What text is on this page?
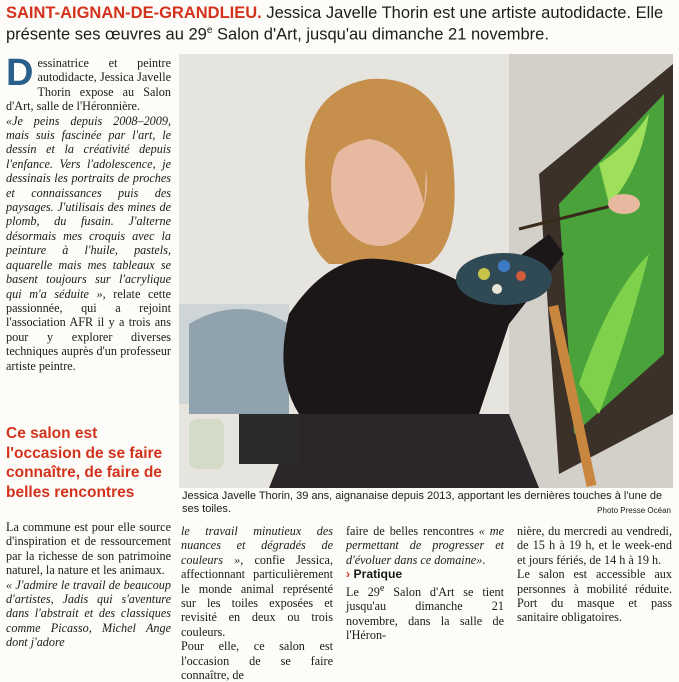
SAINT-AIGNAN-DE-GRANDLIEU. Jessica Javelle Thorin est une artiste autodidacte. Elle présente ses œuvres au 29e Salon d'Art, jusqu'au dimanche 21 novembre.
Dessinatrice et peintre autodidacte, Jessica Javelle Thorin expose au Salon d'Art, salle de l'Héronnière.

«Je peins depuis 2008–2009, mais suis fascinée par l'art, le dessin et la créativité depuis l'enfance. Vers l'adolescence, je dessinais les portraits de proches et connaissances puis des paysages. J'utilisais des mines de plomb, du fusain. J'alterne désormais mes croquis avec la peinture à l'huile, pastels, aquarelle mais mes tableaux se basent toujours sur l'acrylique qui m'a séduite », relate cette passionnée, qui a rejoint l'association AFR il y a trois ans pour y explorer diverses techniques auprès d'un professeur artiste peintre.

Ce salon est l'occasion de se faire connaître, de faire de belles rencontres	Jessica Javelle Thorin, 39 ans, aignanaise depuis 2013, apportant les dernières touches à l'une de ses toiles.	Photo Presse Océan

La commune est pour elle source d'inspiration et de ressourcement par la richesse de son patrimoine naturel, la nature et les animaux.

« J'admire le travail de beaucoup d'artistes, Jadis qui s'aventure dans l'abstrait et des classiques comme Picasso, Michel Ange dont j'adore

le travail minutieux des nuances et dégradés de couleurs », confie Jessica, affectionnant particulièrement le monde animal représenté sur les toiles exposées et revisité en deux ou trois couleurs.

Pour elle, ce salon est l'occasion de se faire connaître, de

faire de belles rencontres « me permettant de progresser et d'évoluer dans ce domaine».

› Pratique

Le 29e Salon d'Art se tient jusqu'au dimanche 21 novembre, dans la salle de l'Héron-

nière, du mercredi au vendredi, de 15 h à 19 h, et le week-end et jours fériés, de 14 h à 19 h.

Le salon est accessible aux personnes à mobilité réduite. Port du masque et pass sanitaire obligatoires.
